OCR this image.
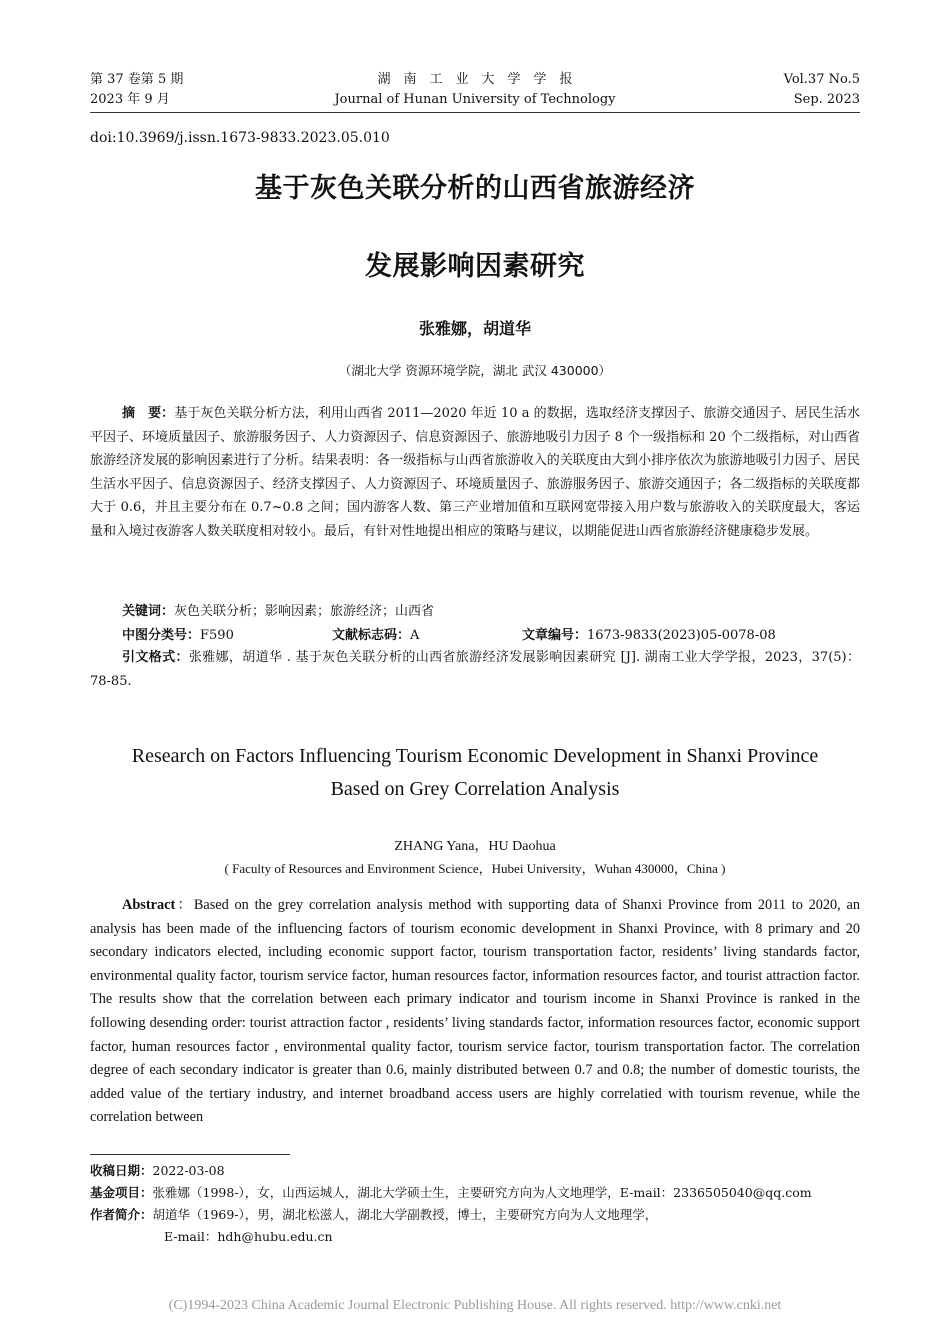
第 37 卷第 5 期	湖　南　工　业　大　学　学　报	Vol.37 No.5
2023 年 9 月	Journal of Hunan University of Technology	Sep. 2023
doi:10.3969/j.issn.1673-9833.2023.05.010
基于灰色关联分析的山西省旅游经济
发展影响因素研究
张雅娜，胡道华
（湖北大学 资源环境学院，湖北 武汉 430000）
摘　要：基于灰色关联分析方法，利用山西省 2011—2020 年近 10 a 的数据，选取经济支撑因子、旅游交通因子、居民生活水平因子、环境质量因子、旅游服务因子、人力资源因子、信息资源因子、旅游地吸引力因子 8 个一级指标和 20 个二级指标，对山西省旅游经济发展的影响因素进行了分析。结果表明：各一级指标与山西省旅游收入的关联度由大到小排序依次为旅游地吸引力因子、居民生活水平因子、信息资源因子、经济支撑因子、人力资源因子、环境质量因子、旅游服务因子、旅游交通因子；各二级指标的关联度都大于 0.6，并且主要分布在 0.7~0.8 之间；国内游客人数、第三产业增加值和互联网宽带接入用户数与旅游收入的关联度最大，客运量和入境过夜游客人数关联度相对较小。最后，有针对性地提出相应的策略与建议，以期能促进山西省旅游经济健康稳步发展。
关键词：灰色关联分析；影响因素；旅游经济；山西省
中图分类号：F590	文献标志码：A	文章编号：1673-9833(2023)05-0078-08
引文格式：张雅娜，胡道华 . 基于灰色关联分析的山西省旅游经济发展影响因素研究 [J]. 湖南工业大学学报，2023，37(5)：78-85.
Research on Factors Influencing Tourism Economic Development in Shanxi Province
Based on Grey Correlation Analysis
ZHANG Yana，HU Daohua
( Faculty of Resources and Environment Science，Hubei University，Wuhan 430000，China )
Abstract：Based on the grey correlation analysis method with supporting data of Shanxi Province from 2011 to 2020, an analysis has been made of the influencing factors of tourism economic development in Shanxi Province, with 8 primary and 20 secondary indicators elected, including economic support factor, tourism transportation factor, residents’ living standards factor, environmental quality factor, tourism service factor, human resources factor, information resources factor, and tourist attraction factor. The results show that the correlation between each primary indicator and tourism income in Shanxi Province is ranked in the following desending order: tourist attraction factor , residents’ living standards factor, information resources factor, economic support factor, human resources factor , environmental quality factor, tourism service factor, tourism transportation factor. The correlation degree of each secondary indicator is greater than 0.6, mainly distributed between 0.7 and 0.8; the number of domestic tourists, the added value of the tertiary industry, and internet broadband access users are highly correlatied with tourism revenue, while the correlation between
收稿日期：2022-03-08
基金项目：张雅娜（1998-），女，山西运城人，湖北大学硕士生，主要研究方向为人文地理学，E-mail：2336505040@qq.com
作者简介：胡道华（1969-），男，湖北松滋人，湖北大学副教授，博士，主要研究方向为人文地理学，
E-mail：hdh@hubu.edu.cn
(C)1994-2023 China Academic Journal Electronic Publishing House. All rights reserved. http://www.cnki.net
